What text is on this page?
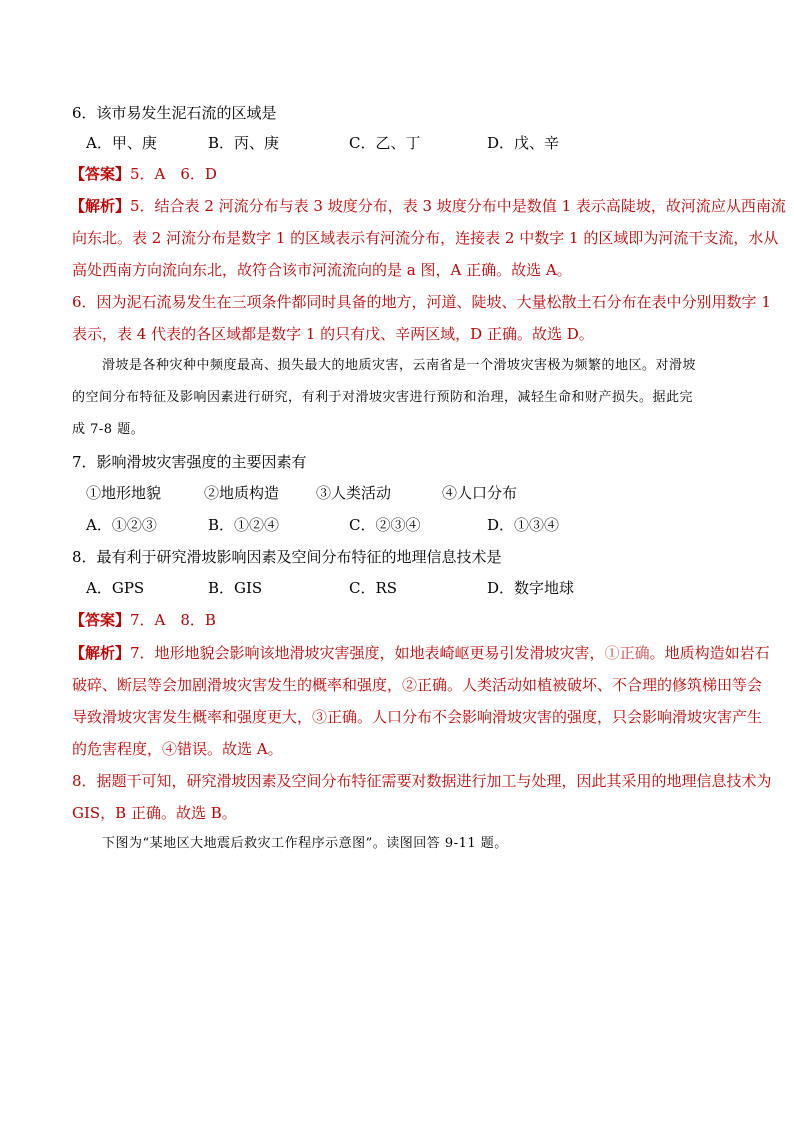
6．该市易发生泥石流的区域是
A．甲、庚	B．丙、庚	C．乙、丁	D．戊、辛
【答案】5．A　6．D
【解析】5．结合表 2 河流分布与表 3 坡度分布，表 3 坡度分布中是数值 1 表示高陡坡，故河流应从西南流
向东北。表 2 河流分布是数字 1 的区域表示有河流分布，连接表 2 中数字 1 的区域即为河流干支流，水从
高处西南方向流向东北，故符合该市河流流向的是 a 图，A 正确。故选 A。
6．因为泥石流易发生在三项条件都同时具备的地方，河道、陡坡、大量松散土石分布在表中分别用数字 1
表示，表 4 代表的各区域都是数字 1 的只有戊、辛两区域，D 正确。故选 D。
滑坡是各种灾种中频度最高、损失最大的地质灾害，云南省是一个滑坡灾害极为频繁的地区。对滑坡
的空间分布特征及影响因素进行研究，有利于对滑坡灾害进行预防和治理，减轻生命和财产损失。据此完
成 7-8 题。
7．影响滑坡灾害强度的主要因素有
①地形地貌	②地质构造 ③人类活动	④人口分布
A．①②③	B．①②④	C．②③④	D．①③④
8．最有利于研究滑坡影响因素及空间分布特征的地理信息技术是
A．GPS	B．GIS	C．RS	D．数字地球
【答案】7．A　8．B
【解析】7．地形地貌会影响该地滑坡灾害强度，如地表崎岖更易引发滑坡灾害，①正确。地质构造如岩石
破碎、断层等会加剧滑坡灾害发生的概率和强度，②正确。人类活动如植被破坏、不合理的修筑梯田等会
导致滑坡灾害发生概率和强度更大，③正确。人口分布不会影响滑坡灾害的强度，只会影响滑坡灾害产生
的危害程度，④错误。故选 A。
8．据题干可知，研究滑坡因素及空间分布特征需要对数据进行加工与处理，因此其采用的地理信息技术为
GIS，B 正确。故选 B。
下图为“某地区大地震后救灾工作程序示意图”。读图回答 9-11 题。
